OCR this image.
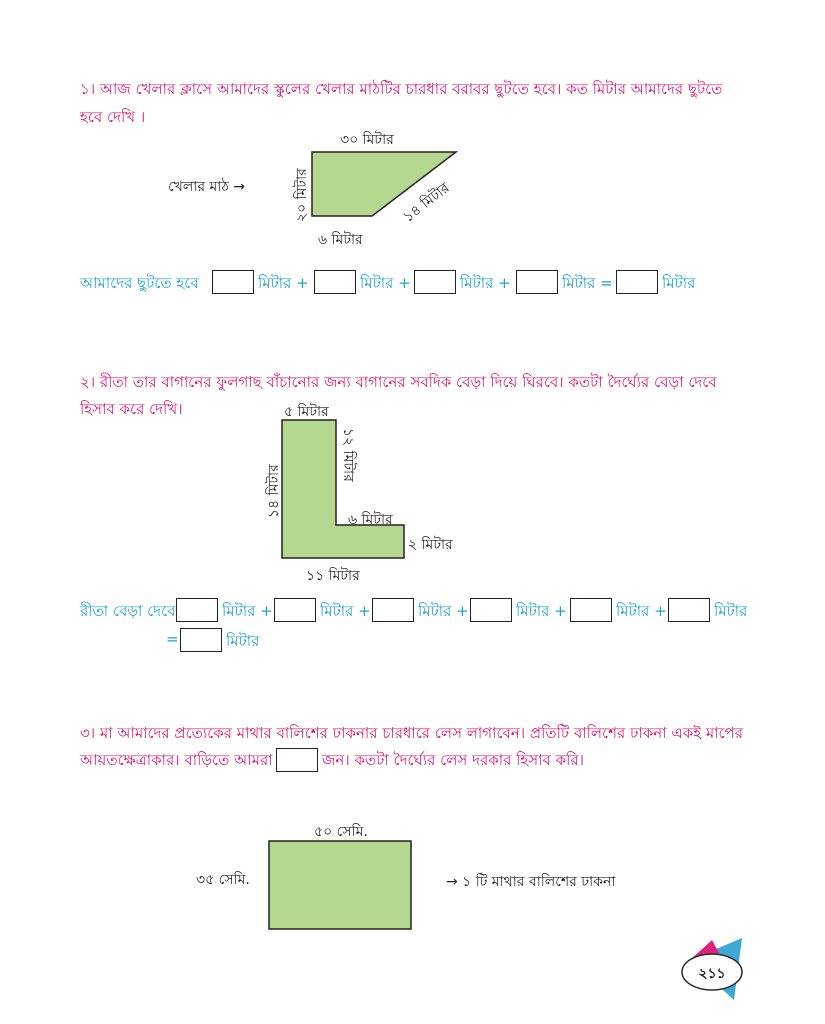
১। আজ খেলার ক্লাসে আমাদের স্কুলের খেলার মাঠটির চারধার বরাবর ছুটতে হবে। কত মিটার আমাদের ছুটতে
হবে দেখি ।
খেলার মাঠ →
৩০ মিটার
২০ মিটার	১৪ মিটার
৬ মিটার
আমাদের ছুটতে হবে	মিটার +	মিটার +	মিটার +	মিটার =	মিটার
২। রীতা তার বাগানের ফুলগাছ বাঁচানোর জন্য বাগানের সবদিক বেড়া দিয়ে ঘিরবে। কতটা দৈর্ঘ্যের বেড়া দেবে
হিসাব করে দেখি।	৫ মিটার
১৪ মিটার
১২ মিটার
৬ মিটার
২ মিটার
১১ মিটার
রীতা বেড়া দেবে	মিটার +	মিটার +	মিটার +	মিটার +	মিটার +	মিটার
=	মিটার
৩। মা আমাদের প্রত্যেকের মাথার বালিশের ঢাকনার চারধারে লেস লাগাবেন। প্রতিটি বালিশের ঢাকনা একই মাপের
আয়তক্ষেত্রাকার। বাড়িতে আমরা	জন। কতটা দৈর্ঘ্যের লেস দরকার হিসাব করি।
৫০ সেমি.
৩৫ সেমি.	→ ১ টি মাথার বালিশের ঢাকনা
২১১
